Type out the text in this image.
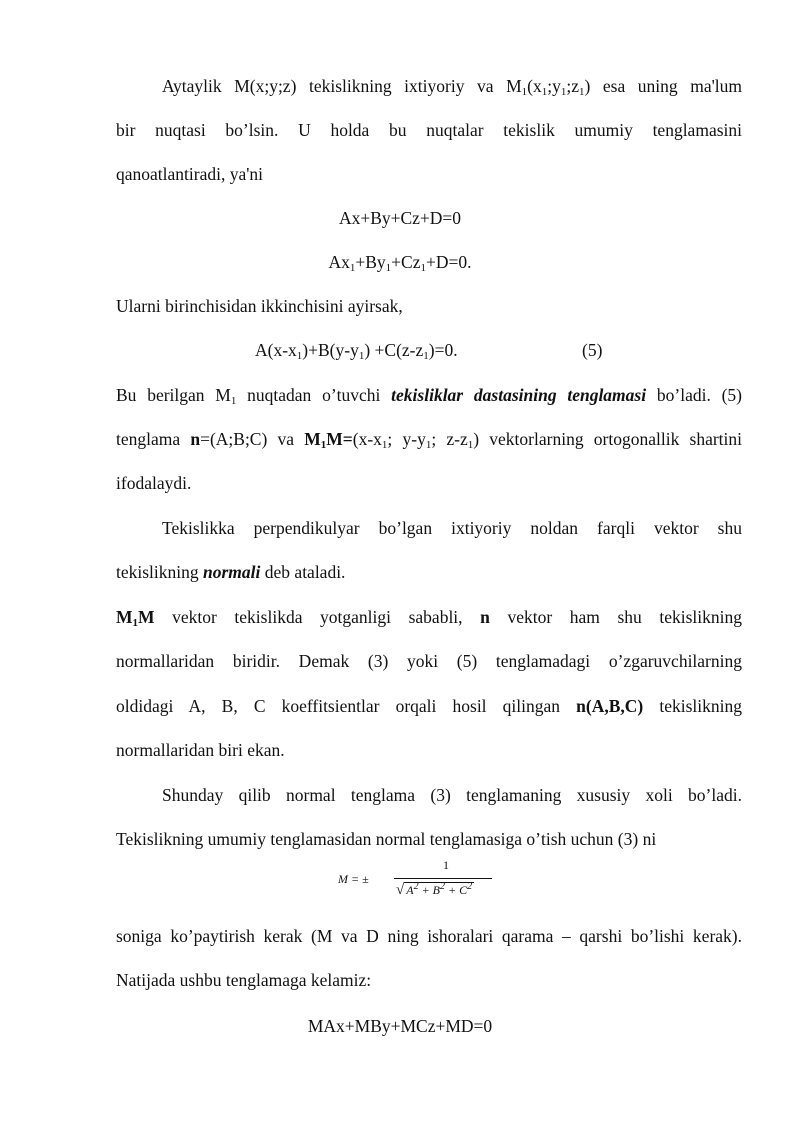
Aytaylik M(x;y;z) tekislikning ixtiyoriy va $M_1(x_1;y_1;z_1)$ esa uning ma'lum
bir nuqtasi boʼlsin. U holda bu nuqtalar tekislik umumiy tenglamasini
qanoatlantiradi, ya'ni
Ax+By+Cz+D=0
$Ax_1+By_1+Cz_1+D=0$.
Ularni birinchisidan ikkinchisini ayirsak,
$A(x-x_1)+B(y-y_1) +C(z-z_1)=0$.	(5)
Bu berilgan $M_1$ nuqtadan oʼtuvchi tekisliklar dastasining tenglamasi boʼladi. (5)
tenglama n=(A;B;C) va $M_1M=(x-x_1$; $y-y_1$; $z-z_1$) vektorlarning ortogonallik shartini
ifodalaydi.
Tekislikka perpendikulyar boʼlgan ixtiyoriy noldan farqli vektor shu
tekislikning normali deb ataladi.
$M_1M$ vektor tekislikda yotganligi sababli, n vektor ham shu tekislikning
normallaridan biridir. Demak (3) yoki (5) tenglamadagi oʼzgaruvchilarning
oldidagi A, B, C koeffitsientlar orqali hosil qilingan n(A,B,C) tekislikning
normallaridan biri ekan.
Shunday qilib normal tenglama (3) tenglamaning xususiy xoli boʼladi.
Tekislikning umumiy tenglamasidan normal tenglamasiga oʼtish uchun (3) ni
M = ±
1
√ $A^2 + B^2 + C^2$
soniga koʼpaytirish kerak (M va D ning ishoralari qarama – qarshi boʼlishi kerak).
Natijada ushbu tenglamaga kelamiz:
MAx+MBy+MCz+MD=0
